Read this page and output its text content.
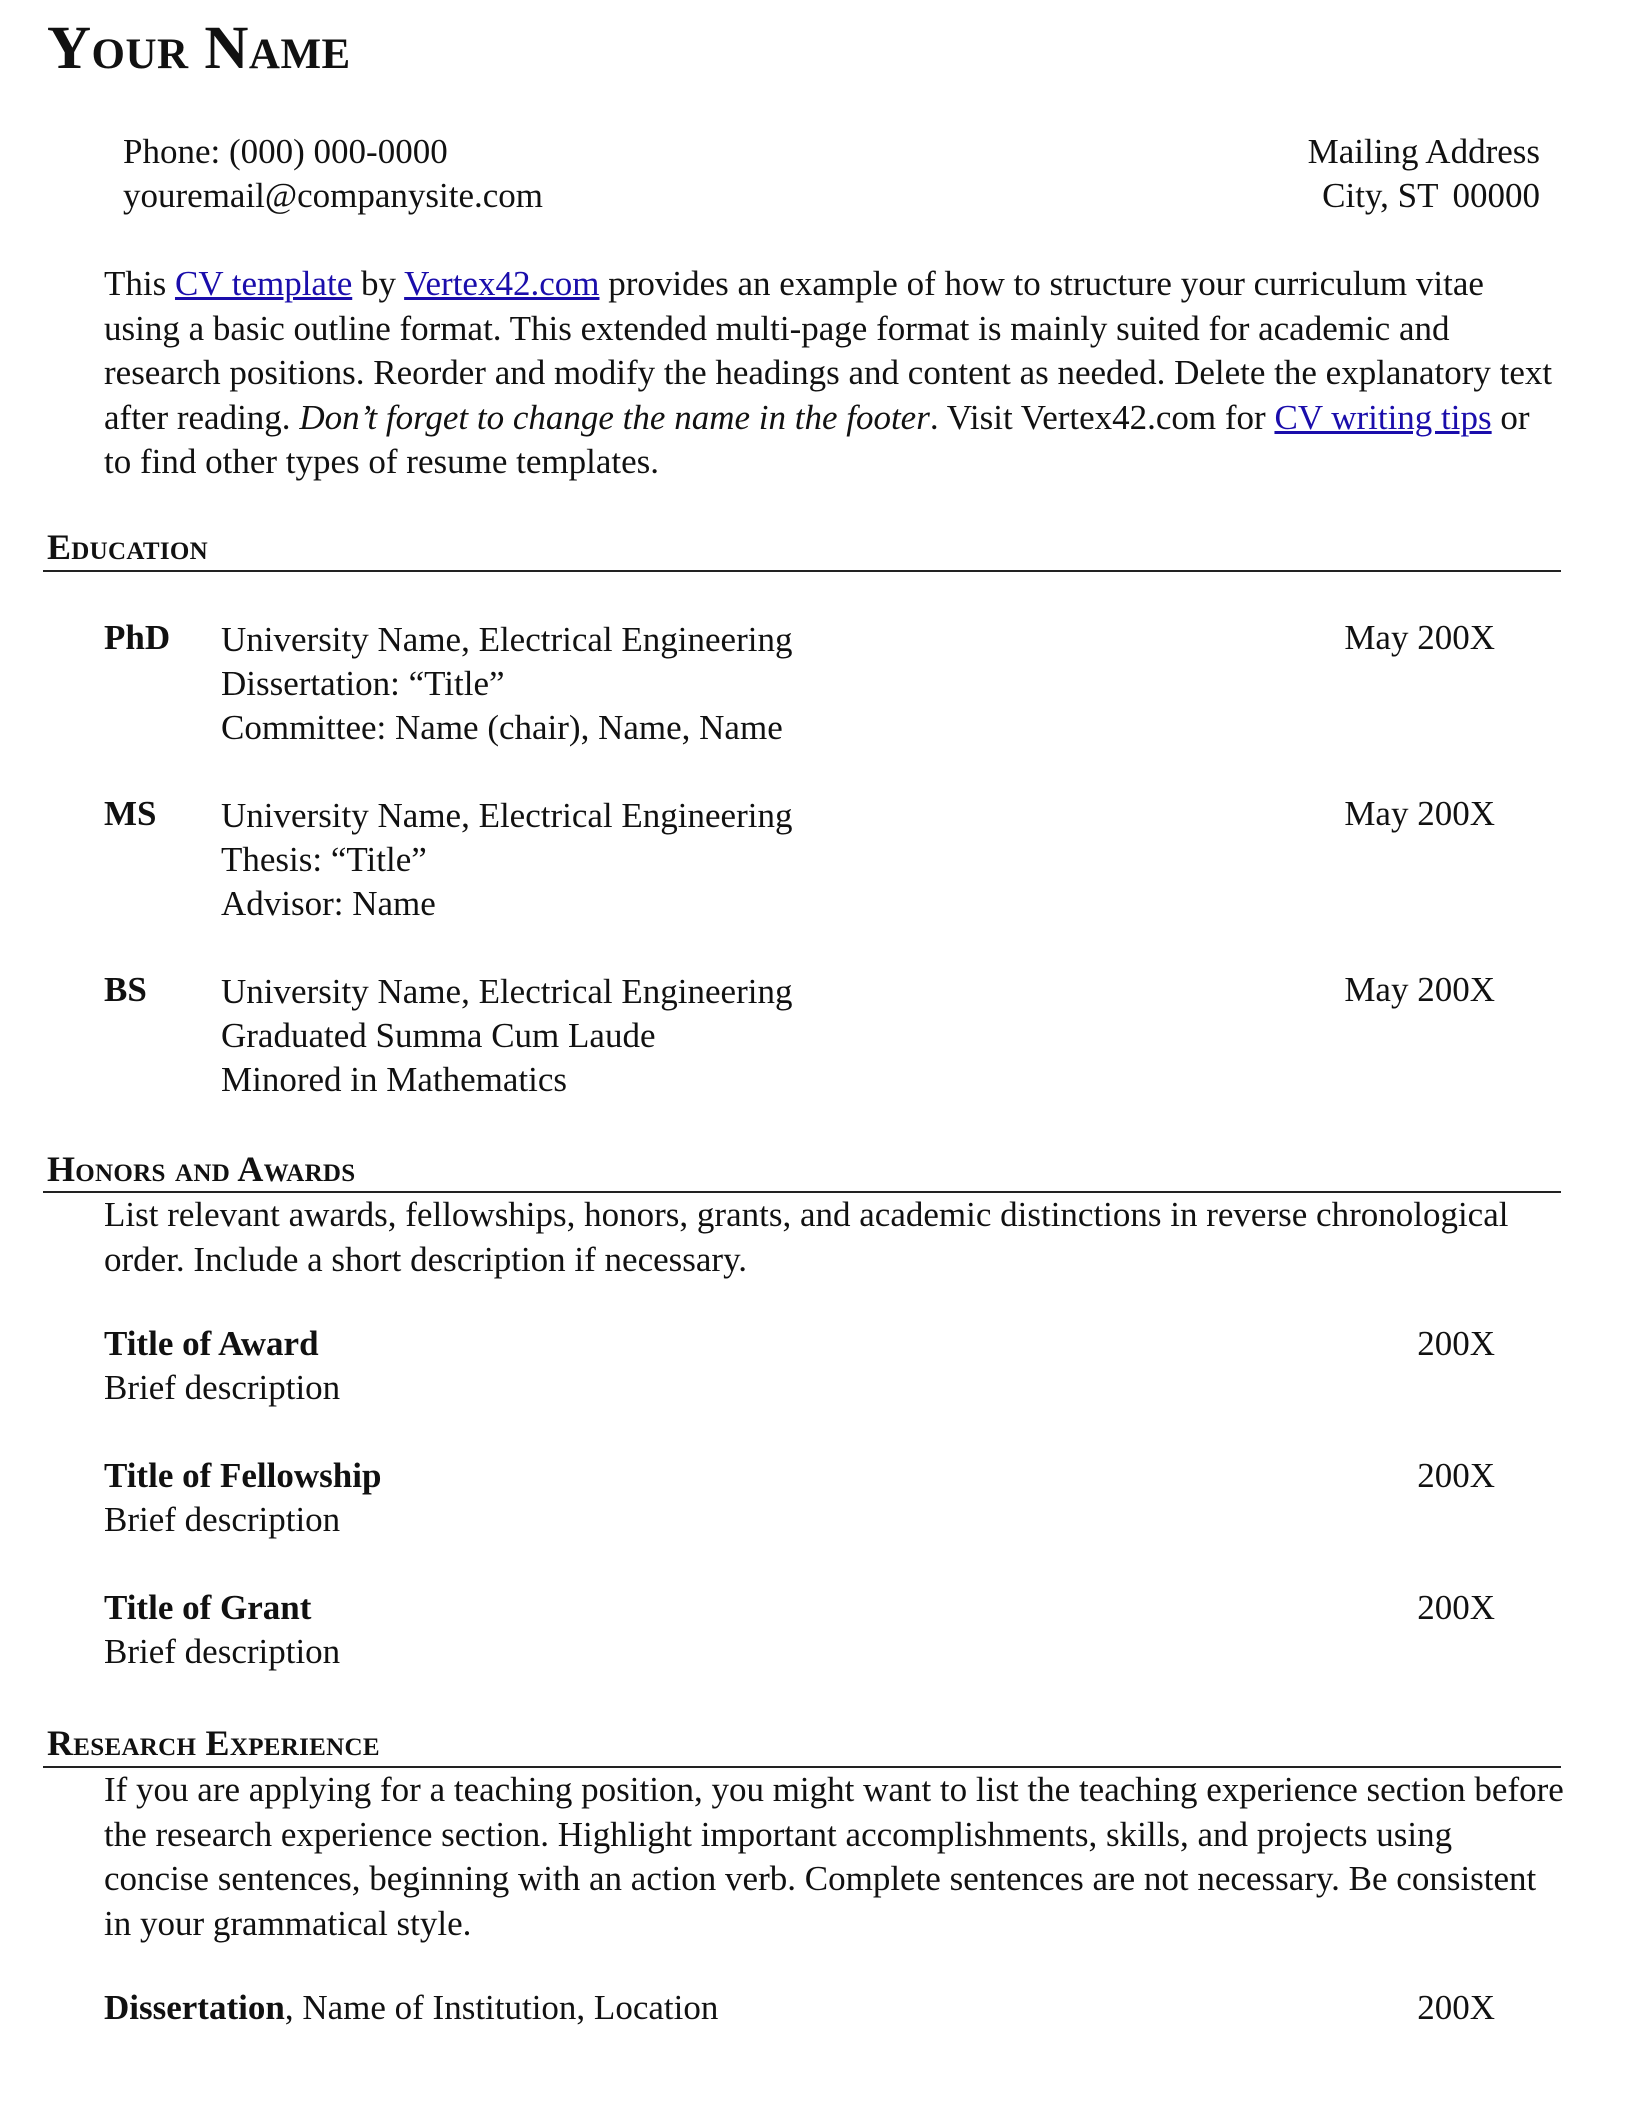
Your Name
Phone: (000) 000-0000
youremail@companysite.com
Mailing Address
City, ST 00000
This CV template by Vertex42.com provides an example of how to structure your curriculum vitae using a basic outline format. This extended multi-page format is mainly suited for academic and research positions. Reorder and modify the headings and content as needed. Delete the explanatory text after reading. Don’t forget to change the name in the footer. Visit Vertex42.com for CV writing tips or to find other types of resume templates.
Education
PhD University Name, Electrical Engineering
Dissertation: “Title”
Committee: Name (chair), Name, Name
May 200X
MS University Name, Electrical Engineering
Thesis: “Title”
Advisor: Name
May 200X
BS University Name, Electrical Engineering
Graduated Summa Cum Laude
Minored in Mathematics
May 200X
Honors and Awards
List relevant awards, fellowships, honors, grants, and academic distinctions in reverse chronological order. Include a short description if necessary.
Title of Award
Brief description
200X
Title of Fellowship
Brief description
200X
Title of Grant
Brief description
200X
Research Experience
If you are applying for a teaching position, you might want to list the teaching experience section before the research experience section. Highlight important accomplishments, skills, and projects using concise sentences, beginning with an action verb. Complete sentences are not necessary. Be consistent in your grammatical style.
Dissertation, Name of Institution, Location	200X
